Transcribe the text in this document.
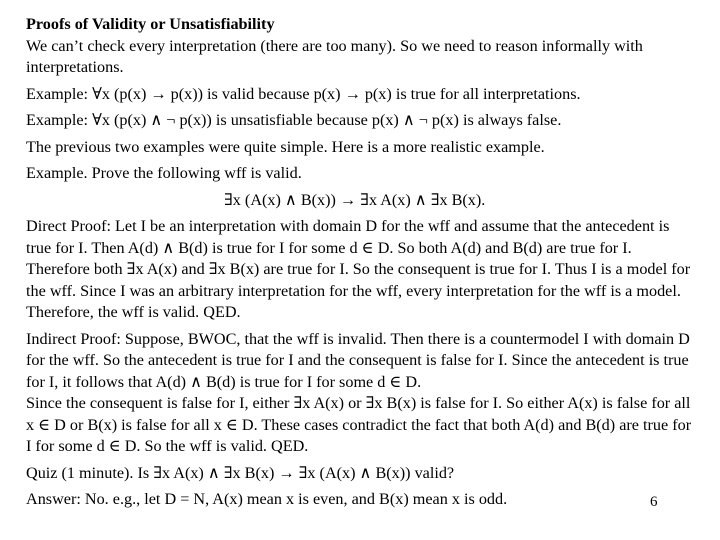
Proofs of Validity or Unsatisfiability
We can’t check every interpretation (there are too many). So we need to reason informally with interpretations.
Example: ∀x (p(x) → p(x)) is valid because p(x) → p(x) is true for all interpretations.
Example: ∀x (p(x) ∧ ¬ p(x)) is unsatisfiable because p(x) ∧ ¬ p(x) is always false.
The previous two examples were quite simple. Here is a more realistic example.
Example. Prove the following wff is valid.
∃x (A(x) ∧ B(x)) → ∃x A(x) ∧ ∃x B(x).
Direct Proof: Let I be an interpretation with domain D for the wff and assume that the antecedent is true for I. Then A(d) ∧ B(d) is true for I for some d ∈ D. So both A(d) and B(d) are true for I. Therefore both ∃x A(x) and ∃x B(x) are true for I. So the consequent is true for I. Thus I is a model for the wff. Since I was an arbitrary interpretation for the wff, every interpretation for the wff is a model. Therefore, the wff is valid. QED.
Indirect Proof: Suppose, BWOC, that the wff is invalid. Then there is a countermodel I with domain D for the wff. So the antecedent is true for I and the consequent is false for I. Since the antecedent is true for I, it follows that A(d) ∧ B(d) is true for I for some d ∈ D.
Since the consequent is false for I, either ∃x A(x) or ∃x B(x) is false for I. So either A(x) is false for all x ∈ D or B(x) is false for all x ∈ D. These cases contradict the fact that both A(d) and B(d) are true for I for some d ∈ D. So the wff is valid. QED.
Quiz (1 minute). Is ∃x A(x) ∧ ∃x B(x) → ∃x (A(x) ∧ B(x)) valid?
Answer: No. e.g., let D = N, A(x) mean x is even, and B(x) mean x is odd.	6
